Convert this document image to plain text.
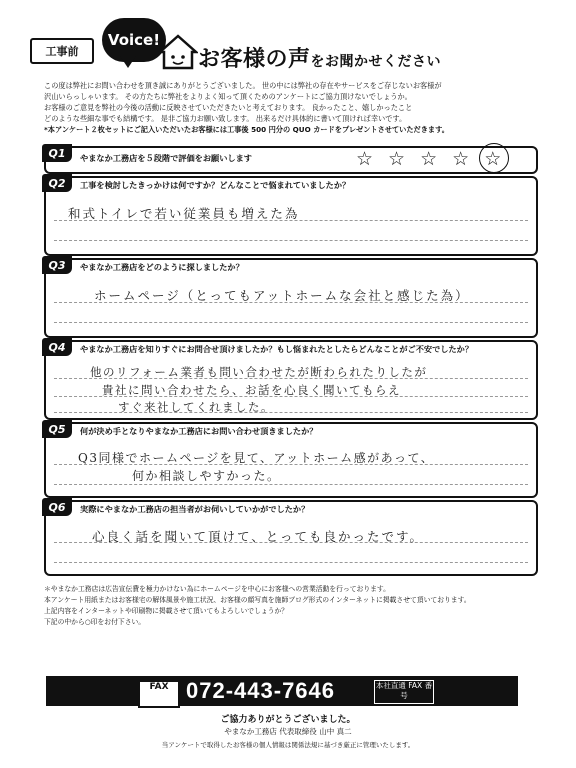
工事前
Voice!
お客様の声をお聞かせください

この度は弊社にお問い合わせを頂き誠にありがとうございました。 世の中には弊社の存在やサービスをご存じないお客様が

沢山いらっしゃいます。 その方たちに弊社をよりよく知って頂くためのアンケートにご協力頂けないでしょうか。

お客様のご意見を弊社の今後の活動に反映させていただきたいと考えております。 良かったこと、嬉しかったこと

どのような些細な事でも結構です。 是非ご協力お願い致します。 出来るだけ具体的に書いて頂ければ幸いです。

*本アンケート２枚セットにご記入いただいたお客様には工事後 500 円分の QUO カードをプレゼントさせていただきます。

Q1	やまなか工務店を５段階で評価をお願いします	☆ ☆ ☆ ☆ ☆
Q2	工事を検討したきっかけは何ですか？どんなことで悩まれていましたか？
和式トイレで若い従業員も増えた為
Q3	やまなか工務店をどのように探しましたか？
ホームページ（とってもアットホームな会社と感じた為）
Q4	やまなか工務店を知りすぐにお問合せ頂けましたか？もし悩まれたとしたらどんなことがご不安でしたか？
他のリフォーム業者も問い合わせたが断わられたりしたが
貴社に問い合わせたら、お話を心良く聞いてもらえ
すぐ来社してくれました。
Q5	何が決め手となりやまなか工務店にお問い合わせ頂きましたか？
Q3同様でホームページを見て、アットホーム感があって、
何か相談しやすかった。
Q6	実際にやまなか工務店の担当者がお伺いしていかがでしたか？
心良く話を聞いて頂けて、とっても良かったです。

＊やまなか工務店は広告宣伝費を極力かけない為にホームページを中心にお客様への営業活動を行っております。

本アンケート用紙またはお客様宅の解体風景や施工状況、お客様の顔写真を施師ブログ形式のインターネットに掲載させて頂いております。

上記内容をインターネットや印刷物に掲載させて頂いてもよろしいでしょうか？

下記の中から○印をお付下さい。

FAX 072-443-7646	本社直通 FAX 番号
ご協力ありがとうございました。
やまなか工務店 代表取締役 山中 真二
当アンケートで取得したお客様の個人情報は関係法規に基づき厳正に管理いたします。
